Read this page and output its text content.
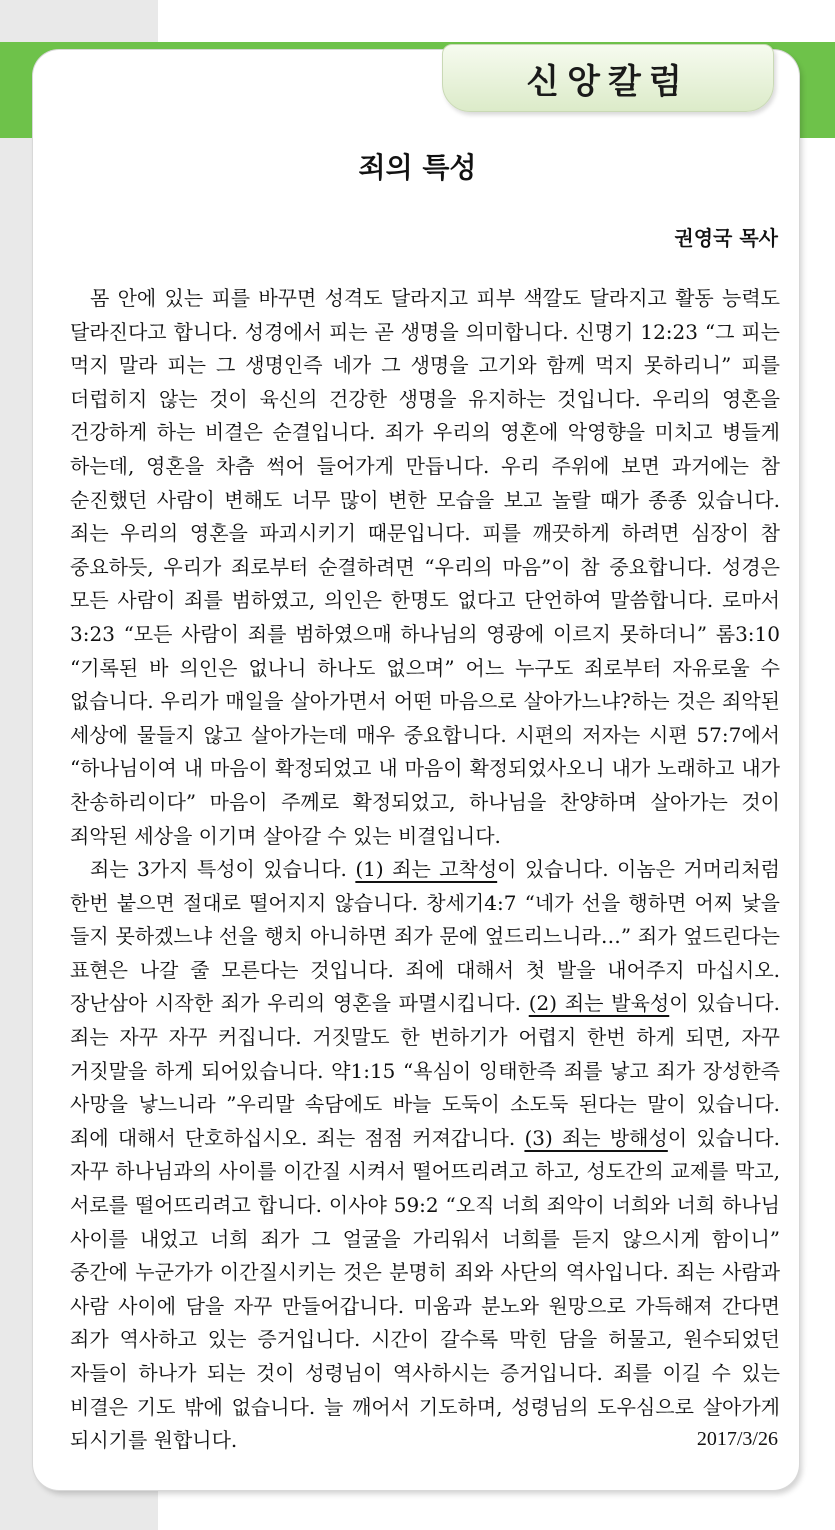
신앙칼럼
죄의 특성
권영국 목사

몸 안에 있는 피를 바꾸면 성격도 달라지고 피부 색깔도 달라지고 활동 능력도 달라진다고 합니다. 성경에서 피는 곧 생명을 의미합니다. 신명기 12:23 “그 피는 먹지 말라 피는 그 생명인즉 네가 그 생명을 고기와 함께 먹지 못하리니” 피를 더럽히지 않는 것이 육신의 건강한 생명을 유지하는 것입니다. 우리의 영혼을 건강하게 하는 비결은 순결입니다. 죄가 우리의 영혼에 악영향을 미치고 병들게 하는데, 영혼을 차츰 썩어 들어가게 만듭니다. 우리 주위에 보면 과거에는 참 순진했던 사람이 변해도 너무 많이 변한 모습을 보고 놀랄 때가 종종 있습니다. 죄는 우리의 영혼을 파괴시키기 때문입니다. 피를 깨끗하게 하려면 심장이 참 중요하듯, 우리가 죄로부터 순결하려면 “우리의 마음”이 참 중요합니다. 성경은 모든 사람이 죄를 범하였고, 의인은 한명도 없다고 단언하여 말씀합니다. 로마서 3:23 “모든 사람이 죄를 범하였으매 하나님의 영광에 이르지 못하더니” 롬3:10 “기록된 바 의인은 없나니 하나도 없으며” 어느 누구도 죄로부터 자유로울 수 없습니다. 우리가 매일을 살아가면서 어떤 마음으로 살아가느냐?하는 것은 죄악된 세상에 물들지 않고 살아가는데 매우 중요합니다. 시편의 저자는 시편 57:7에서 “하나님이여 내 마음이 확정되었고 내 마음이 확정되었사오니 내가 노래하고 내가 찬송하리이다” 마음이 주께로 확정되었고, 하나님을 찬양하며 살아가는 것이 죄악된 세상을 이기며 살아갈 수 있는 비결입니다.

죄는 3가지 특성이 있습니다. (1) 죄는 고착성이 있습니다. 이놈은 거머리처럼 한번 붙으면 절대로 떨어지지 않습니다. 창세기4:7 “네가 선을 행하면 어찌 낯을 들지 못하겠느냐 선을 행치 아니하면 죄가 문에 엎드리느니라…” 죄가 엎드린다는 표현은 나갈 줄 모른다는 것입니다. 죄에 대해서 첫 발을 내어주지 마십시오. 장난삼아 시작한 죄가 우리의 영혼을 파멸시킵니다. (2) 죄는 발육성이 있습니다. 죄는 자꾸 자꾸 커집니다. 거짓말도 한 번하기가 어렵지 한번 하게 되면, 자꾸 거짓말을 하게 되어있습니다. 약1:15 “욕심이 잉태한즉 죄를 낳고 죄가 장성한즉 사망을 낳느니라 ”우리말 속담에도 바늘 도둑이 소도둑 된다는 말이 있습니다. 죄에 대해서 단호하십시오. 죄는 점점 커져갑니다. (3) 죄는 방해성이 있습니다. 자꾸 하나님과의 사이를 이간질 시켜서 떨어뜨리려고 하고, 성도간의 교제를 막고, 서로를 떨어뜨리려고 합니다. 이사야 59:2 “오직 너희 죄악이 너희와 너희 하나님 사이를 내었고 너희 죄가 그 얼굴을 가리워서 너희를 듣지 않으시게 함이니” 중간에 누군가가 이간질시키는 것은 분명히 죄와 사단의 역사입니다. 죄는 사람과 사람 사이에 담을 자꾸 만들어갑니다. 미움과 분노와 원망으로 가득해져 간다면 죄가 역사하고 있는 증거입니다. 시간이 갈수록 막힌 담을 허물고, 원수되었던 자들이 하나가 되는 것이 성령님이 역사하시는 증거입니다. 죄를 이길 수 있는 비결은 기도 밖에 없습니다. 늘 깨어서 기도하며, 성령님의 도우심으로 살아가게 되시기를 원합니다.	2017/3/26
